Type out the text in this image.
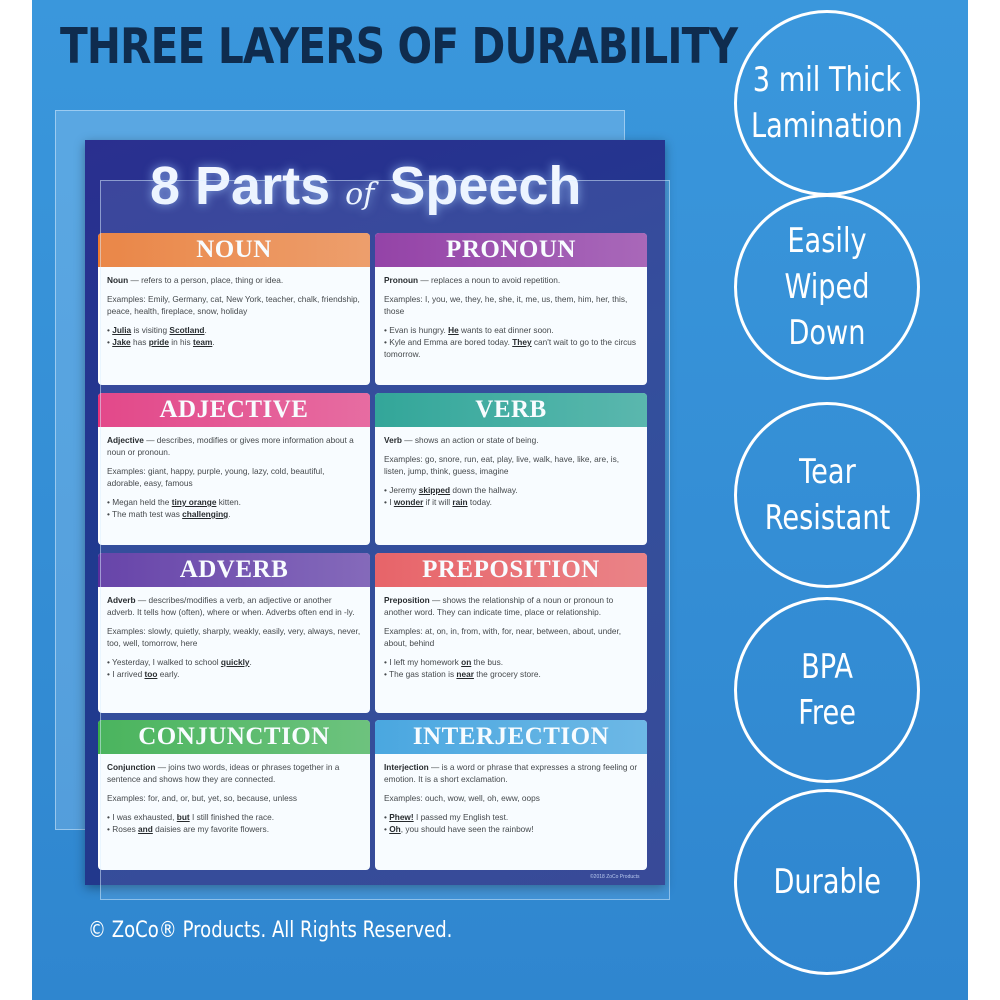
THREE LAYERS OF DURABILITY
8 Parts of Speech
NOUN

Noun — refers to a person, place, thing or idea.

Examples: Emily, Germany, cat, New York, teacher, chalk, friendship, peace, health, fireplace, snow, holiday

• Julia is visiting Scotland.
• Jake has pride in his team.
PRONOUN

Pronoun — replaces a noun to avoid repetition.

Examples: I, you, we, they, he, she, it, me, us, them, him, her, this, those

• Evan is hungry. He wants to eat dinner soon.
• Kyle and Emma are bored today. They can't wait to go to the circus tomorrow.
ADJECTIVE

Adjective — describes, modifies or gives more information about a noun or pronoun.

Examples: giant, happy, purple, young, lazy, cold, beautiful, adorable, easy, famous

• Megan held the tiny orange kitten.
• The math test was challenging.
VERB

Verb — shows an action or state of being.

Examples: go, snore, run, eat, play, live, walk, have, like, are, is, listen, jump, think, guess, imagine

• Jeremy skipped down the hallway.
• I wonder if it will rain today.
ADVERB

Adverb — describes/modifies a verb, an adjective or another adverb. It tells how (often), where or when. Adverbs often end in -ly.

Examples: slowly, quietly, sharply, weakly, easily, very, always, never, too, well, tomorrow, here

• Yesterday, I walked to school quickly.
• I arrived too early.
PREPOSITION

Preposition — shows the relationship of a noun or pronoun to another word. They can indicate time, place or relationship.

Examples: at, on, in, from, with, for, near, between, about, under, about, behind

• I left my homework on the bus.
• The gas station is near the grocery store.
CONJUNCTION

Conjunction — joins two words, ideas or phrases together in a sentence and shows how they are connected.

Examples: for, and, or, but, yet, so, because, unless

• I was exhausted, but I still finished the race.
• Roses and daisies are my favorite flowers.
INTERJECTION

Interjection — is a word or phrase that expresses a strong feeling or emotion. It is a short exclamation.

Examples: ouch, wow, well, oh, eww, oops

• Phew! I passed my English test.
• Oh, you should have seen the rainbow!
©2018 ZoCo Products
3 mil Thick
Lamination
Easily
Wiped Down
Tear
Resistant
BPA
Free
Durable
© ZoCo® Products. All Rights Reserved.
